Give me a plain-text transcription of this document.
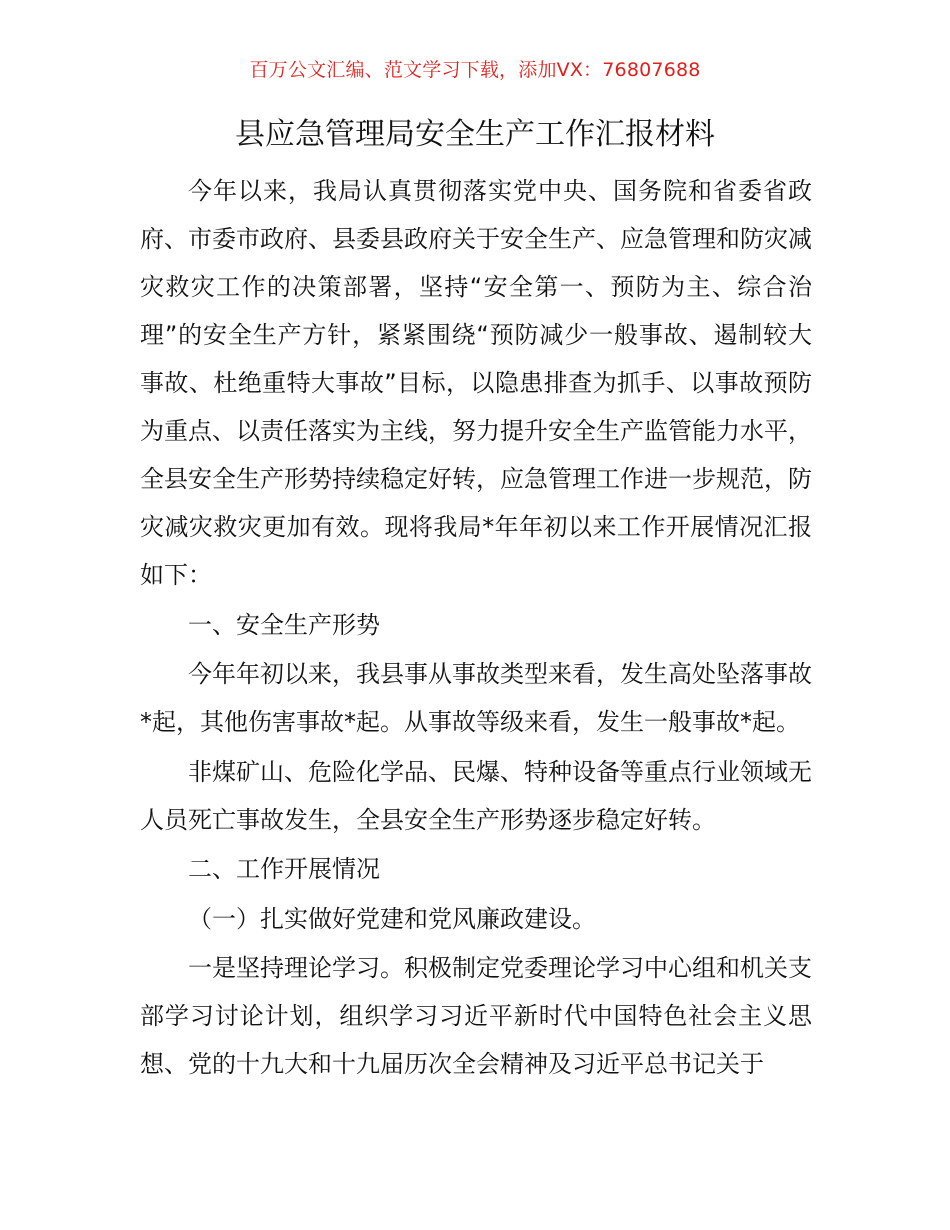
百万公文汇编、范文学习下载，添加VX：76807688
县应急管理局安全生产工作汇报材料

今年以来，我局认真贯彻落实党中央、国务院和省委省政府、市委市政府、县委县政府关于安全生产、应急管理和防灾减灾救灾工作的决策部署，坚持“安全第一、预防为主、综合治理”的安全生产方针，紧紧围绕“预防减少一般事故、遏制较大事故、杜绝重特大事故”目标，以隐患排查为抓手、以事故预防为重点、以责任落实为主线，努力提升安全生产监管能力水平，全县安全生产形势持续稳定好转，应急管理工作进一步规范，防灾减灾救灾更加有效。现将我局*年年初以来工作开展情况汇报如下：

一、安全生产形势

今年年初以来，我县事从事故类型来看，发生高处坠落事故*起，其他伤害事故*起。从事故等级来看，发生一般事故*起。

非煤矿山、危险化学品、民爆、特种设备等重点行业领域无人员死亡事故发生，全县安全生产形势逐步稳定好转。

二、工作开展情况

（一）扎实做好党建和党风廉政建设。

一是坚持理论学习。积极制定党委理论学习中心组和机关支部学习讨论计划，组织学习习近平新时代中国特色社会主义思想、党的十九大和十九届历次全会精神及习近平总书记关于
